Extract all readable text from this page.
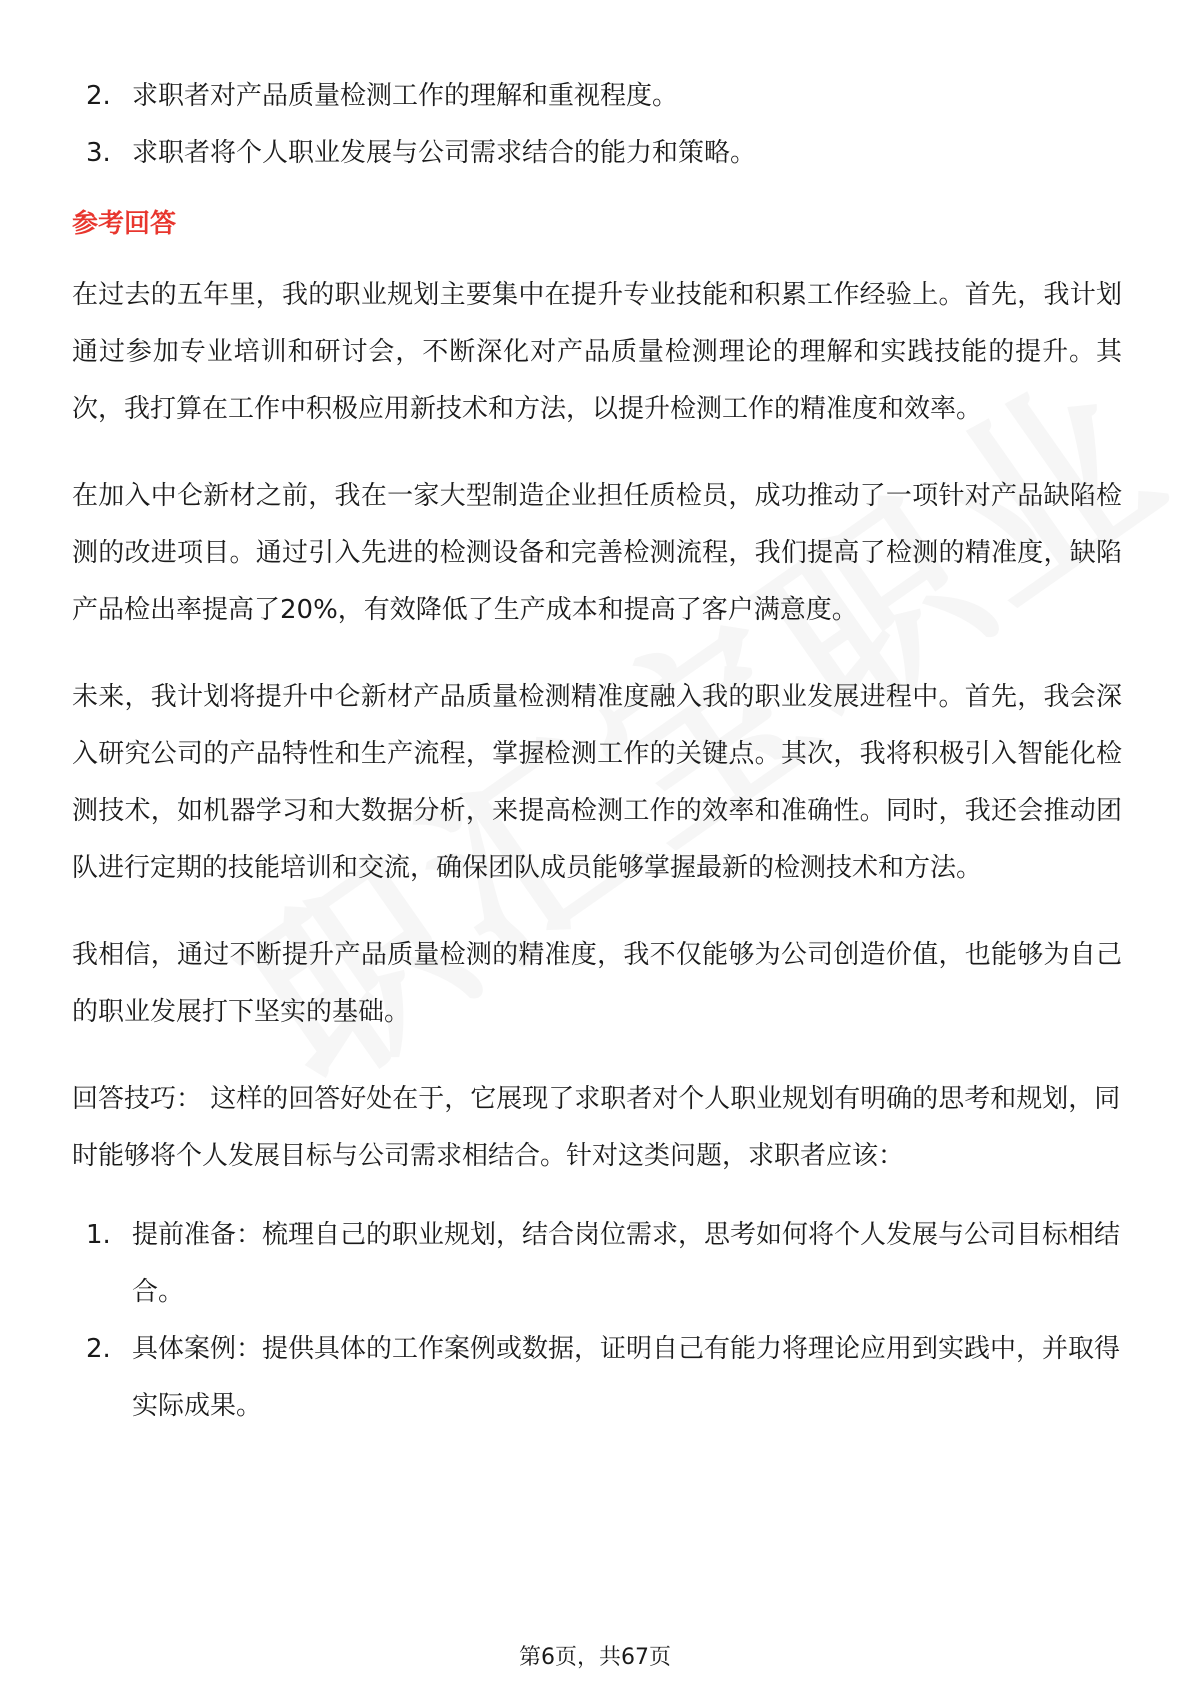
2. 求职者对产品质量检测工作的理解和重视程度。
3. 求职者将个人职业发展与公司需求结合的能力和策略。
参考回答
在过去的五年里，我的职业规划主要集中在提升专业技能和积累工作经验上。首先，我计划通过参加专业培训和研讨会，不断深化对产品质量检测理论的理解和实践技能的提升。其次，我打算在工作中积极应用新技术和方法，以提升检测工作的精准度和效率。
在加入中仑新材之前，我在一家大型制造企业担任质检员，成功推动了一项针对产品缺陷检测的改进项目。通过引入先进的检测设备和完善检测流程，我们提高了检测的精准度，缺陷产品检出率提高了20%，有效降低了生产成本和提高了客户满意度。
未来，我计划将提升中仑新材产品质量检测精准度融入我的职业发展进程中。首先，我会深入研究公司的产品特性和生产流程，掌握检测工作的关键点。其次，我将积极引入智能化检测技术，如机器学习和大数据分析，来提高检测工作的效率和准确性。同时，我还会推动团队进行定期的技能培训和交流，确保团队成员能够掌握最新的检测技术和方法。
我相信，通过不断提升产品质量检测的精准度，我不仅能够为公司创造价值，也能够为自己的职业发展打下坚实的基础。
回答技巧： 这样的回答好处在于，它展现了求职者对个人职业规划有明确的思考和规划，同时能够将个人发展目标与公司需求相结合。针对这类问题，求职者应该：
1. 提前准备：梳理自己的职业规划，结合岗位需求，思考如何将个人发展与公司目标相结合。
2. 具体案例：提供具体的工作案例或数据，证明自己有能力将理论应用到实践中，并取得实际成果。
第6页，共67页
